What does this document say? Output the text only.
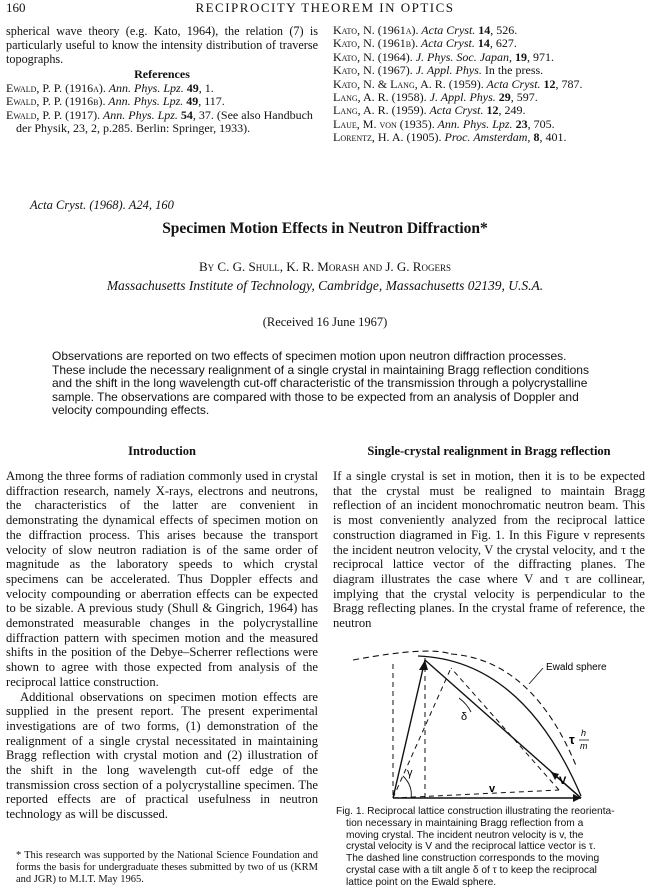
160	RECIPROCITY THEOREM IN OPTICS

spherical wave theory (e.g. Kato, 1964), the relation (7) is particularly useful to know the intensity distribution of traverse topographs.

References

Ewald, P. P. (1916a). Ann. Phys. Lpz. 49, 1.

Ewald, P. P. (1916b). Ann. Phys. Lpz. 49, 117.

Ewald, P. P. (1917). Ann. Phys. Lpz. 54, 37. (See also Handbuch der Physik, 23, 2, p.285. Berlin: Springer, 1933).

Kato, N. (1961a). Acta Cryst. 14, 526.

Kato, N. (1961b). Acta Cryst. 14, 627.

Kato, N. (1964). J. Phys. Soc. Japan, 19, 971.

Kato, N. (1967). J. Appl. Phys. In the press.

Kato, N. & Lang, A. R. (1959). Acta Cryst. 12, 787.

Lang, A. R. (1958). J. Appl. Phys. 29, 597.

Lang, A. R. (1959). Acta Cryst. 12, 249.

Laue, M. von (1935). Ann. Phys. Lpz. 23, 705.

Lorentz, H. A. (1905). Proc. Amsterdam, 8, 401.

Acta Cryst. (1968). A24, 160
Specimen Motion Effects in Neutron Diffraction*
By C. G. Shull, K. R. Morash and J. G. Rogers
Massachusetts Institute of Technology, Cambridge, Massachusetts 02139, U.S.A.
(Received 16 June 1967)
Observations are reported on two effects of specimen motion upon neutron diffraction processes. These include the necessary realignment of a single crystal in maintaining Bragg reflection conditions and the shift in the long wavelength cut-off characteristic of the transmission through a polycrystalline sample. The observations are compared with those to be expected from an analysis of Doppler and velocity compounding effects.
Introduction

Among the three forms of radiation commonly used in crystal diffraction research, namely X-rays, electrons and neutrons, the characteristics of the latter are convenient in demonstrating the dynamical effects of specimen motion on the diffraction process. This arises because the transport velocity of slow neutron radiation is of the same order of magnitude as the laboratory speeds to which crystal specimens can be accelerated. Thus Doppler effects and velocity compounding or aberration effects can be expected to be sizable. A previous study (Shull & Gingrich, 1964) has demonstrated measurable changes in the polycrystalline diffraction pattern with specimen motion and the measured shifts in the position of the Debye–Scherrer reflections were shown to agree with those expected from analysis of the reciprocal lattice construction.

Additional observations on specimen motion effects are supplied in the present report. The present experimental investigations are of two forms, (1) demonstration of the realignment of a single crystal necessitated in maintaining Bragg reflection with crystal motion and (2) illustration of the shift in the long wavelength cut-off edge of the transmission cross section of a polycrystalline specimen. The reported effects are of practical usefulness in neutron technology as will be discussed.

* This research was supported by the National Science Foundation and forms the basis for undergraduate theses submitted by two of us (KRM and JGR) to M.I.T. May 1965.
Single-crystal realignment in Bragg reflection

If a single crystal is set in motion, then it is to be expected that the crystal must be realigned to maintain Bragg reflection of an incident monochromatic neutron beam. This is most conveniently analyzed from the reciprocal lattice construction diagramed in Fig. 1. In this Figure v represents the incident neutron velocity, V the crystal velocity, and τ the reciprocal lattice vector of the diffracting planes. The diagram illustrates the case where V and τ are collinear, implying that the crystal velocity is perpendicular to the Bragg reflecting planes. In the crystal frame of reference, the neutron

Ewald sphere
τ h
m
δ
γ
V
v
Fig. 1. Reciprocal lattice construction illustrating the reorienta-
tion necessary in maintaining Bragg reflection from a
moving crystal. The incident neutron velocity is v, the
crystal velocity is V and the reciprocal lattice vector is τ.
The dashed line construction corresponds to the moving
crystal case with a tilt angle δ of τ to keep the reciprocal
lattice point on the Ewald sphere.
